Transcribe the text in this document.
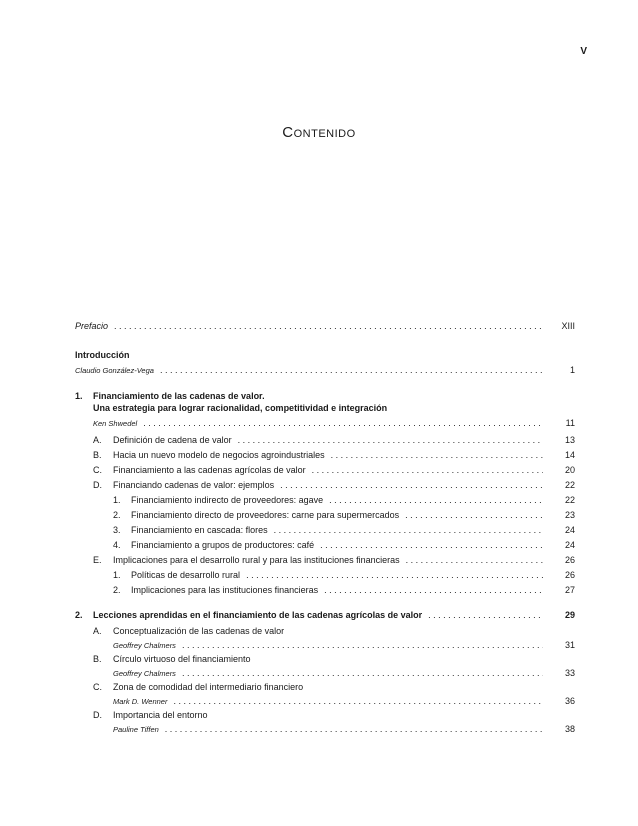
V
Contenido
Prefacio . . .	XIII
Introducción
Claudio González-Vega . . .	1
1.	Financiamiento de las cadenas de valor.
Una estrategia para lograr racionalidad, competitividad e integración
Ken Shwedel . . .	11
A.	Definición de cadena de valor . . .	13
B.	Hacia un nuevo modelo de negocios agroindustriales . . .	14
C.	Financiamiento a las cadenas agrícolas de valor . . .	20
D.	Financiando cadenas de valor: ejemplos . . .	22
1.	Financiamiento indirecto de proveedores: agave . . .	22
2.	Financiamiento directo de proveedores: carne para supermercados . . .	23
3.	Financiamiento en cascada: flores . . .	24
4.	Financiamiento a grupos de productores: café . . .	24
E.	Implicaciones para el desarrollo rural y para las instituciones financieras . . .	26
1.	Políticas de desarrollo rural . . .	26
2.	Implicaciones para las instituciones financieras . . .	27
2.	Lecciones aprendidas en el financiamiento de las cadenas agrícolas de valor . . .	29
A.	Conceptualización de las cadenas de valor
Geoffrey Chalmers . . .	31
B.	Círculo virtuoso del financiamiento
Geoffrey Chalmers . . .	33
C.	Zona de comodidad del intermediario financiero
Mark D. Wenner . . .	36
D.	Importancia del entorno
Pauline Tiffen . . .	38
